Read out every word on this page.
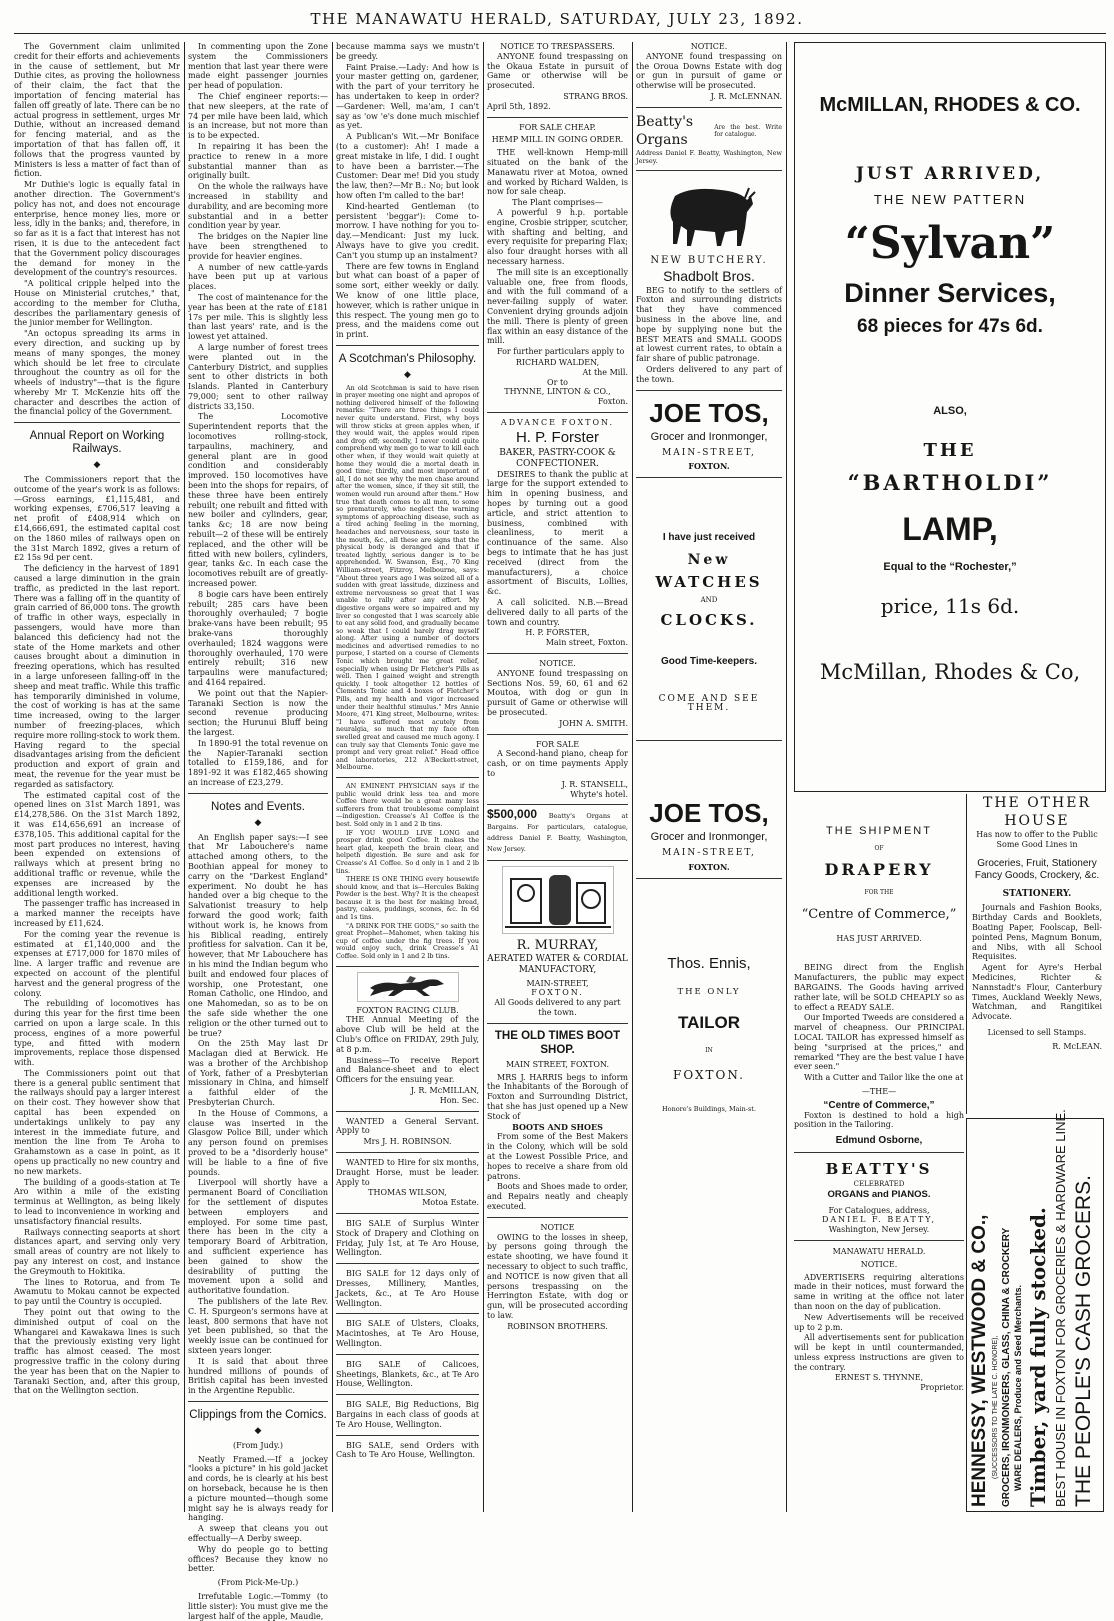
THE MANAWATU HERALD, SATURDAY, JULY 23, 1892.

The Government claim unlimited credit for their efforts and achievements in the cause of settlement, but Mr Duthie cites, as proving the hollowness of their claim, the fact that the importation of fencing material has fallen off greatly of late. There can be no actual progress in settlement, urges Mr Duthie, without an increased demand for fencing material, and as the importation of that has fallen off, it follows that the progress vaunted by Ministers is less a matter of fact than of fiction.

Mr Duthie's logic is equally fatal in another direction. The Government's policy has not, and does not encourage enterprise, hence money lies, more or less, idly in the banks; and, therefore, in so far as it is a fact that interest has not risen, it is due to the antecedent fact that the Government policy discourages the demand for money in the development of the country's resources.

"A political cripple helped into the House on Ministerial crutches," that, according to the member for Clutha, describes the parliamentary genesis of the junior member for Wellington.

"An octopus spreading its arms in every direction, and sucking up by means of many sponges, the money which should be let free to circulate throughout the country as oil for the wheels of industry"—that is the figure whereby Mr T. McKenzie hits off the character and describes the action of the financial policy of the Government.

Annual Report on Working Railways.
◆

The Commissioners report that the outcome of the year's work is as follows:—Gross earnings, £1,115,481, and working expenses, £706,517 leaving a net profit of £408,914 which on £14,666,691, the estimated capital cost on the 1860 miles of railways open on the 31st March 1892, gives a return of £2 15s 9d per cent.

The deficiency in the harvest of 1891 caused a large diminution in the grain traffic, as predicted in the last report. There was a falling off in the quantity of grain carried of 86,000 tons. The growth of traffic in other ways, especially in passengers, would have more than balanced this deficiency had not the state of the Home markets and other causes brought about a diminution in freezing operations, which has resulted in a large unforeseen falling-off in the sheep and meat traffic. While this traffic has temporarily diminished in volume, the cost of working is has at the same time increased, owing to the larger number of freezing-places, which require more rolling-stock to work them. Having regard to the special disadvantages arising from the deficient production and export of grain and meat, the revenue for the year must be regarded as satisfactory.

The estimated capital cost of the opened lines on 31st March 1891, was £14,278,586. On the 31st March 1892, it was £14,656,691 an increase of £378,105. This additional capital for the most part produces no interest, having been expended on extensions of railways which at present bring no additional traffic or revenue, while the expenses are increased by the additional length worked.

The passenger traffic has increased in a marked manner the receipts have increased by £11,624.

For the coming year the revenue is estimated at £1,140,000 and the expenses at £717,000 for 1870 miles of line. A larger traffic and revenue are expected on account of the plentiful harvest and the general progress of the colony.

The rebuilding of locomotives has during this year for the first time been carried on upon a large scale. In this process, engines of a more powerful type, and fitted with modern improvements, replace those dispensed with.

The Commissioners point out that there is a general public sentiment that the railways should pay a larger interest on their cost. They however show that capital has been expended on undertakings unlikely to pay any interest in the immediate future, and mention the line from Te Aroha to Grahamstown as a case in point, as it opens up practically no new country and no new markets.

The building of a goods-station at Te Aro within a mile of the existing terminus at Wellington, as being likely to lead to inconvenience in working and unsatisfactory financial results.

Railways connecting seaports at short distances apart, and serving only very small areas of country are not likely to pay any interest on cost, and instance the Greymouth to Hokitika.

The lines to Rotorua, and from Te Awamutu to Mokau cannot be expected to pay until the Country is occupied.

They point out that owing to the diminished output of coal on the Whangarei and Kawakawa lines is such that the previously existing very light traffic has almost ceased. The most progressive traffic in the colony during the year has been that on the Napier to Taranaki Section, and, after this group, that on the Wellington section.

In commenting upon the Zone system the Commissioners mention that last year there were made eight passenger journies per head of population.

The Chief engineer reports:—that new sleepers, at the rate of 74 per mile have been laid, which is an increase, but not more than is to be expected.

In repairing it has been the practice to renew in a more substantial manner than as originally built.

On the whole the railways have increased in stability and durability, and are becoming more substantial and in a better condition year by year.

The bridges on the Napier line have been strengthened to provide for heavier engines.

A number of new cattle-yards have been put up at various places.

The cost of maintenance for the year has been at the rate of £181 17s per mile. This is slightly less than last years' rate, and is the lowest yet attained.

A large number of forest trees were planted out in the Canterbury District, and supplies sent to other districts in both Islands. Planted in Canterbury 79,000; sent to other railway districts 33,150.

The Locomotive Superintendent reports that the locomotives rolling-stock, tarpaulins, machinery, and general plant are in good condition and considerably improved. 150 locomotives have been into the shops for repairs, of these three have been entirely rebuilt; one rebuilt and fitted with new boiler and cylinders, gear, tanks &c; 18 are now being rebuilt—2 of these will be entirely replaced, and the other will be fitted with new boilers, cylinders, gear, tanks &c. In each case the locomotives rebuilt are of greatly-increased power.

8 bogie cars have been entirely rebuilt; 285 cars have been thoroughly overhauled; 7 bogie brake-vans have been rebuilt; 95 brake-vans thoroughly overhauled; 1824 waggons were thoroughly overhauled, 170 were entirely rebuilt; 316 new tarpaulins were manufactured; and 4164 repaired.

We point out that the Napier-Taranaki Section is now the second revenue producing section; the Hurunui Bluff being the largest.

In 1890-91 the total revenue on the Napier-Taranaki section totalled to £159,186, and for 1891-92 it was £182,465 showing an increase of £23,279.

Notes and Events.
◆

An English paper says:—I see that Mr Labouchere's name attached among others, to the Boothian appeal for money to carry on the "Darkest England" experiment. No doubt he has handed over a big cheque to the Salvationist treasury to help forward the good work; faith without work is, he knows from his Biblical reading, entirely profitless for salvation. Can it be, however, that Mr Labouchere has in his mind the Indian begum who built and endowed four places of worship, one Protestant, one Roman Catholic, one Hindoo, and one Mahomedan, so as to be on the safe side whether the one religion or the other turned out to be true?

On the 25th May last Dr Maclagan died at Berwick. He was a brother of the Archbishop of York, father of a Presbyterian missionary in China, and himself a faithful elder of the Presbyterian Church.

In the House of Commons, a clause was inserted in the Glasgow Police Bill, under which any person found on premises proved to be a "disorderly house" will be liable to a fine of five pounds.

Liverpool will shortly have a permanent Board of Conciliation for the settlement of disputes between employers and employed. For some time past, there has been in the city a temporary Board of Arbitration, and sufficient experience has been gained to show the desirability of putting the movement upon a solid and authoritative foundation.

The publishers of the late Rev. C. H. Spurgeon's sermons have at least, 800 sermons that have not yet been published, so that the weekly issue can be continued for sixteen years longer.

It is said that about three hundred millions of pounds of British capital has been invested in the Argentine Republic.

Clippings from the Comics.
◆
(From Judy.)

Neatly Framed.—If a jockey "looks a picture" in his gold jacket and cords, he is clearly at his best on horseback, because he is then a picture mounted—though some might say he is always ready for hanging.

A sweep that cleans you out effectually—A Derby sweep.

Why do people go to betting offices? Because they know no better.

(From Pick-Me-Up.)

Irrefutable Logic.—Tommy (to little sister): You must give me the largest half of the apple, Maudie,

because mamma says we mustn't be greedy.

Faint Praise.—Lady: And how is your master getting on, gardener, with the part of your territory he has undertaken to keep in order?—Gardener: Well, ma'am, I can't say as 'ow 'e's done much mischief as yet.

A Publican's Wit.—Mr Boniface (to a customer): Ah! I made a great mistake in life, I did. I ought to have been a barrister.—The Customer: Dear me! Did you study the law, then?—Mr B.: No; but look how often I'm called to the bar!

Kind-hearted Gentleman (to persistent 'beggar'): Come to-morrow. I have nothing for you to-day.—Mendicant: Just my luck. Always have to give you credit. Can't you stump up an instalment?

There are few towns in England but what can boast of a paper of some sort, either weekly or daily. We know of one little place, however, which is rather unique in this respect. The young men go to press, and the maidens come out in print.

A Scotchman's Philosophy.
◆

An old Scotchman is said to have risen in prayer meeting one night and apropos of nothing delivered himself of the following remarks: "There are three things I could never quite understand. First, why boys will throw sticks at green apples when, if they would wait, the apples would ripen and drop off; secondly, I never could quite comprehend why men go to war to kill each other when, if they would wait quietly at home they would die a mortal death in good time; thirdly, and most important of all, I do not see why the men chase around after the women, since, if they sit still, the women would run around after them." How true that death comes to all men, to some so prematurely, who neglect the warning symptoms of approaching disease, such as a tired aching feeling in the morning, headaches and nervousness, sour taste in the mouth, &c., all these are signs that the physical body is deranged and that if treated lightly, serious danger is to be apprehended. W. Swanson, Esq., 70 King William-street, Fitzroy, Melbourne, says: "About three years ago I was seized all of a sudden with great lassitude, dizziness and extreme nervousness so great that I was unable to rally after any effort. My digestive organs were so impaired and my liver so congested that I was scarcely able to eat any solid food, and gradually became so weak that I could barely drag myself along. After using a number of doctors medicines and advertised remedies to no purpose, I started on a course of Clements Tonic which brought me great relief, especially when using Dr Fletcher's Pills as well. Then I gained weight and strength quickly. I took altogether 12 bottles of Clements Tonic and 4 boxes of Fletcher's Pills, and my health and vigor increased under their healthful stimulus." Mrs Annie Moore, 471 King street, Melbourne, writes: "I have suffered most acutely from neuralgia, so much that my face often swelled great and caused me much agony. I can truly say that Clements Tonic gave me prompt and very great relief." Head office and laboratories, 212 A'Beckett-street, Melbourne.

AN EMINENT PHYSICIAN says if the public would drink less tea and more Coffee there would be a great many less sufferers from that troublesome complaint—indigestion. Creasse's A1 Coffee is the best. Sold only in 1 and 2 lb tins.

IF YOU WOULD LIVE LONG and prosper drink good Coffee. It makes the heart glad, keepeth the brain clear, and helpeth digestion. Be sure and ask for Creasse's A1 Coffee. So d only in 1 and 2 lb tins.

THERE IS ONE THING every housewife should know, and that is—Hercules Baking Powder is the best. Why? It is the cheapest because it is the best for making bread, pastry, cakes, puddings, scones, &c. In 6d and 1s tins.

"A DRINK FOR THE GODS," so saith the great Prophet—Mahomet, when taking his cup of coffee under the fig trees. If you would enjoy such, drink Creasse's A1 Coffee. Sold only in 1 and 2 lb tins.

FOXTON RACING CLUB.

THE Annual Meeting of the above Club will be held at the Club's Office on FRIDAY, 29th July, at 8 p.m.

Business—To receive Report and Balance-sheet and to elect Officers for the ensuing year.

J. R. McMILLAN,
Hon. Sec.

WANTED a General Servant. Apply to

Mrs J. H. ROBINSON.

WANTED to Hire for six months, Draught Horse, must be leader. Apply to

THOMAS WILSON,
Motoa Estate.

BIG SALE of Surplus Winter Stock of Drapery and Clothing on Friday, July 1st, at Te Aro House, Wellington.

BIG SALE for 12 days only of Dresses, Millinery, Mantles, Jackets, &c., at Te Aro House Wellington.

BIG SALE of Ulsters, Cloaks, Macintoshes, at Te Aro House, Wellington.

BIG SALE of Calicoes, Sheetings, Blankets, &c., at Te Aro House, Wellington.

BIG SALE, Big Reductions, Big Bargains in each class of goods at Te Aro House, Wellington.

BIG SALE, send Orders with Cash to Te Aro House, Wellington.

NOTICE TO TRESPASSERS.

ANYONE found trespassing on the Okaua Estate in pursuit of Game or otherwise will be prosecuted.

STRANG BROS.
April 5th, 1892.
FOR SALE CHEAP.
HEMP MILL IN GOING ORDER.

THE well-known Hemp-mill situated on the bank of the Manawatu river at Motoa, owned and worked by Richard Walden, is now for sale cheap.

The Plant comprises—

A powerful 9 h.p. portable engine, Crosbie stripper, scutcher, with shafting and belting, and every requisite for preparing Flax; also four draught horses with all necessary harness.

The mill site is an exceptionally valuable one, free from floods, and with the full command of a never-failing supply of water. Convenient drying grounds adjoin the mill. There is plenty of green flax within an easy distance of the mill.

For further particulars apply to

RICHARD WALDEN,
At the Mill.
Or to
THYNNE, LINTON & CO.,
Foxton.
ADVANCE FOXTON.
H. P. Forster
BAKER, PASTRY-COOK & CONFECTIONER.

DESIRES to thank the public at large for the support extended to him in opening business, and hopes by turning out a good article, and strict attention to business, combined with cleanliness, to merit a continuance of the same. Also begs to intimate that he has just received (direct from the manufacturers), a choice assortment of Biscuits, Lollies, &c.

A call solicited. N.B.—Bread delivered daily to all parts of the town and country.

H. P. FORSTER,
Main street, Foxton.
NOTICE.

ANYONE found trespassing on Sections Nos. 59, 60, 61 and 62 Moutoa, with dog or gun in pursuit of Game or otherwise will be prosecuted.

JOHN A. SMITH.
FOR SALE

A Second-hand piano, cheap for cash, or on time payments Apply to

J. R. STANSELL,
Whyte's hotel.
$500,000 Beatty's Organs at Bargains. For particulars, catalogue, address Daniel F. Beatty, Washington, New Jersey.
R. MURRAY,
AERATED WATER & CORDIAL MANUFACTORY,
MAIN-STREET,
FOXTON.
All Goods delivered to any part the town.
THE OLD TIMES BOOT SHOP.
MAIN STREET, FOXTON.

MRS J. HARRIS begs to inform the Inhabitants of the Borough of Foxton and Surrounding District, that she has just opened up a New Stock of

BOOTS AND SHOES

From some of the Best Makers in the Colony, which will be sold at the Lowest Possible Price, and hopes to receive a share from old patrons.

Boots and Shoes made to order, and Repairs neatly and cheaply executed.

NOTICE

OWING to the losses in sheep, by persons going through the estate shooting, we have found it necessary to object to such traffic, and NOTICE is now given that all persons trespassing on the Herrington Estate, with dog or gun, will be prosecuted according to law.

ROBINSON BROTHERS.
NOTICE.

ANYONE found trespassing on the Oroua Downs Estate with dog or gun in pursuit of game or otherwise will be prosecuted.

J. R. McLENNAN.
Beatty's Organs
Are the best. Write for catalogue.
Address Daniel F. Beatty, Washington, New Jersey.
NEW BUTCHERY.
Shadbolt Bros.

BEG to notify to the settlers of Foxton and surrounding districts that they have commenced business in the above line, and hope by supplying none but the BEST MEATS and SMALL GOODS at lowest current rates, to obtain a fair share of public patronage.

Orders delivered to any part of the town.

JOE TOS,
Grocer and Ironmonger,
MAIN-STREET,
FOXTON.
I have just received
New
WATCHES
AND
CLOCKS.
Good Time-keepers.
COME AND SEE THEM.
JOE TOS,
Grocer and Ironmonger,
MAIN-STREET,
FOXTON.
Thos. Ennis,
THE ONLY
TAILOR
IN
FOXTON.
Honore's Buildings, Main-st.
McMILLAN, RHODES & CO.
JUST ARRIVED,
THE NEW PATTERN
“Sylvan”
Dinner Services,
68 pieces for 47s 6d.
ALSO,
THE
“BARTHOLDI”
LAMP,
Equal to the “Rochester,”
price, 11s 6d.
McMillan, Rhodes & Co,
THE SHIPMENT
OF
DRAPERY
FOR THE
“Centre of Commerce,”
HAS JUST ARRIVED.

BEING direct from the English Manufacturers, the public may expect BARGAINS. The Goods having arrived rather late, will be SOLD CHEAPLY so as to effect a READY SALE.

Our Imported Tweeds are considered a marvel of cheapness. Our PRINCIPAL LOCAL TAILOR has expressed himself as being "surprised at the prices," and remarked "They are the best value I have ever seen."

With a Cutter and Tailor like the one at

—THE—
“Centre of Commerce,”

Foxton is destined to hold a high position in the Tailoring.

Edmund Osborne,
BEATTY'S
CELEBRATED
ORGANS and PIANOS.
For Catalogues, address,
DANIEL F. BEATTY,
Washington, New Jersey.
MANAWATU HERALD.
NOTICE.

ADVERTISERS requiring alterations made in their notices, must forward the same in writing at the office not later than noon on the day of publication.

New Advertisements will be received up to 2 p.m.

All advertisements sent for publication will be kept in until countermanded, unless express instructions are given to the contrary.

ERNEST S. THYNNE,
Proprietor.
THE OTHER HOUSE
Has now to offer to the Public Some Good Lines in
Groceries, Fruit, Stationery Fancy Goods, Crockery, &c.
STATIONERY.

Journals and Fashion Books, Birthday Cards and Booklets, Boating Paper, Foolscap, Bell-pointed Pens, Magnum Bonum, and Nibs, with all School Requisites.

Agent for Ayre's Herbal Medicines, Richter & Nannstadt's Flour, Canterbury Times, Auckland Weekly News, Watchman, and Rangitikei Advocate.

Licensed to sell Stamps.
R. McLEAN.
HENNESSY, WESTWOOD & CO., (SUCCESSORS TO THE LATE C. HONORE), GROCERS, IRONMONGERS, GLASS, CHINA & CROCKERY WARE DEALERS, Produce and Seed Merchants. Timber, yard fully stocked. BEST HOUSE IN FOXTON FOR GROCERIES & HARDWARE LINE. THE PEOPLE'S CASH GROCERS.
